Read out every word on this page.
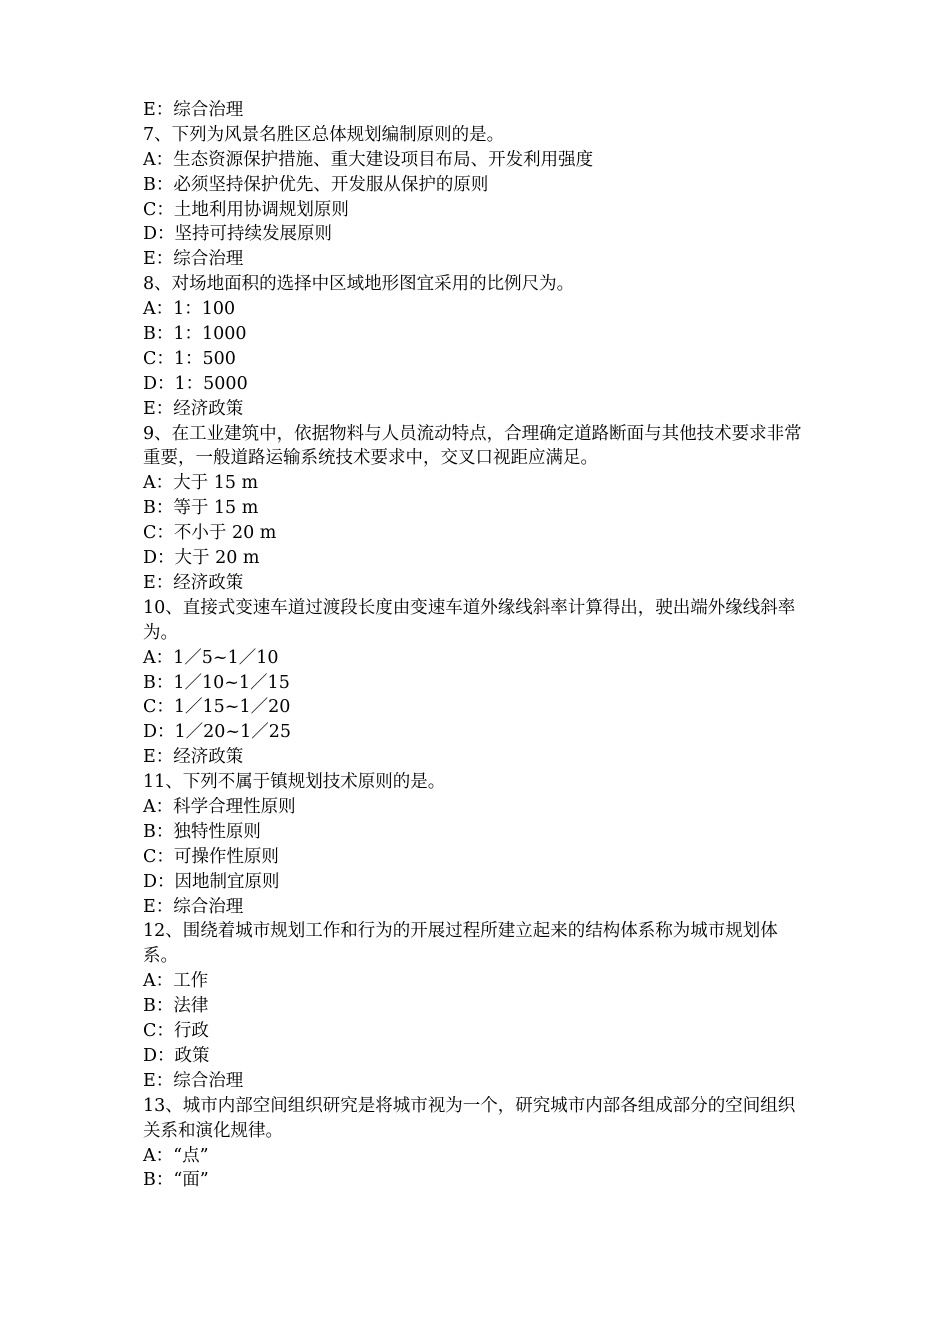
E：综合治理
7、下列为风景名胜区总体规划编制原则的是。
A：生态资源保护措施、重大建设项目布局、开发利用强度
B：必须坚持保护优先、开发服从保护的原则
C：土地利用协调规划原则
D：坚持可持续发展原则
E：综合治理
8、对场地面积的选择中区域地形图宜采用的比例尺为。
A：1：100
B：1：1000
C：1：500
D：1：5000
E：经济政策
9、在工业建筑中，依据物料与人员流动特点，合理确定道路断面与其他技术要求非常重要，一般道路运输系统技术要求中，交叉口视距应满足。
A：大于 15 m
B：等于 15 m
C：不小于 20 m
D：大于 20 m
E：经济政策
10、直接式变速车道过渡段长度由变速车道外缘线斜率计算得出，驶出端外缘线斜率为。
A：1／5~1／10
B：1／10~1／15
C：1／15~1／20
D：1／20~1／25
E：经济政策
11、下列不属于镇规划技术原则的是。
A：科学合理性原则
B：独特性原则
C：可操作性原则
D：因地制宜原则
E：综合治理
12、围绕着城市规划工作和行为的开展过程所建立起来的结构体系称为城市规划体系。
A：工作
B：法律
C：行政
D：政策
E：综合治理
13、城市内部空间组织研究是将城市视为一个，研究城市内部各组成部分的空间组织关系和演化规律。
A：“点”
B：“面”
